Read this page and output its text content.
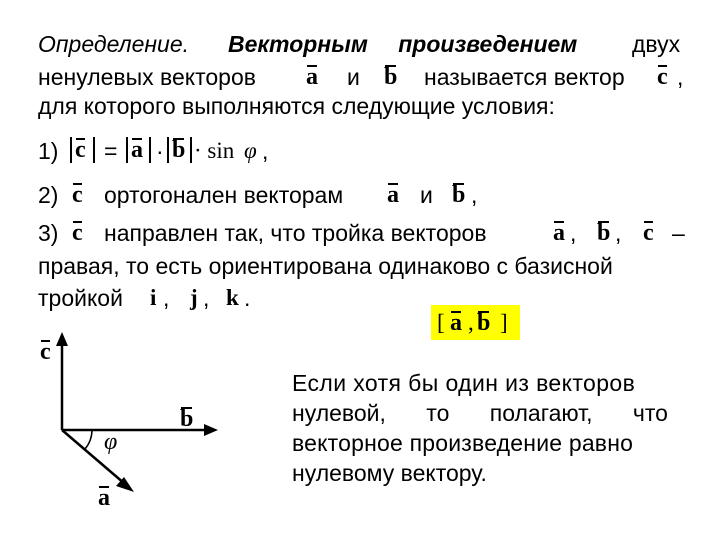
Определение. Векторным произведением двух
ненулевых векторов a и b называется вектор c ,
для которого выполняются следующие условия:
1) c = a · b · sin φ ,
2) c ортогонален векторам a и b ,
3) c направлен так, что тройка векторов	a , b , c –
правая, то есть ориентирована одинаково с базисной
тройкой i , j , k .
[ a , b ]
Если хотя бы один из векторов
нулевой, то полагают, что
векторное произведение равно
нулевому вектору.
c
b
a
φ
